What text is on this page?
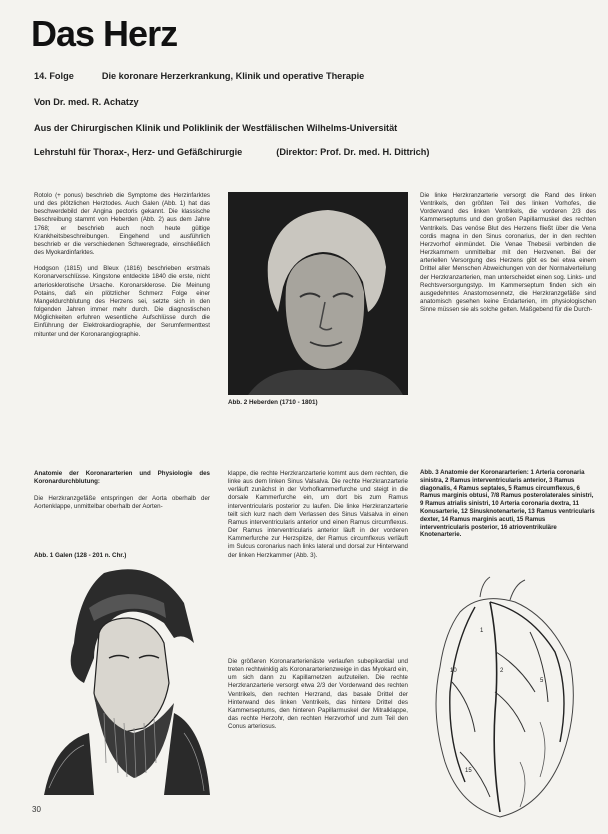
Das Herz
14. Folge	Die koronare Herzerkrankung, Klinik und operative Therapie
Von Dr. med. R. Achatzy
Aus der Chirurgischen Klinik und Poliklinik der Westfälischen Wilhelms-Universität
Lehrstuhl für Thorax-, Herz- und Gefäßchirurgie	(Direktor: Prof. Dr. med. H. Dittrich)

Rotolo (+ ponus) beschrieb die Symptome des Herzinfarktes und des plötzlichen Herztodes. Auch Galen (Abb. 1) hat das beschwerdebild der Angina pectoris gekannt. Die klassische Beschreibung stammt von Heberden (Abb. 2) aus dem Jahre 1768; er beschrieb auch noch heute gültige Krankheitsbeschreibungen. Eingehend und ausführlich beschrieb er die verschiedenen Schweregrade, einschließlich des Myokardinfarktes.

Hodgson (1815) und Bleux (1816) beschrieben erstmals Koronarverschlüsse. Kingstone entdeckte 1840 die erste, nicht arteriosklerotische Ursache. Koronarsklerose. Die Meinung Potains, daß ein plötzlicher Schmerz Folge einer Mangeldurchblutung des Herzens sei, setzte sich in den folgenden Jahren immer mehr durch. Die diagnostischen Möglichkeiten erfuhren wesentliche Aufschlüsse durch die Einführung der Elektrokardiographie, der Serumfermenttest mitunter und der Koronarangiographie.

Anatomie der Koronararterien und Physiologie des Koronardurchblutung:
Die Herzkranzgefäße entspringen der Aorta oberhalb der Aortenklappe, unmittelbar oberhalb der Aorten-
Abb. 1 Galen (128 - 201 n. Chr.)
Abb. 2 Heberden (1710 - 1801)
klappe, die rechte Herzkranzarterie kommt aus dem rechten, die linke aus dem linken Sinus Valsalva. Die rechte Herzkranzarterie verläuft zunächst in der Vorhofkammerfurche und steigt in die dorsale Kammerfurche ein, um dort bis zum Ramus interventricularis posterior zu laufen. Die linke Herzkranzarterie teilt sich kurz nach dem Verlassen des Sinus Valsalva in einen Ramus interventricularis anterior und einen Ramus circumflexus. Der Ramus interventricularis anterior läuft in der vorderen Kammerfurche zur Herzspitze, der Ramus circumflexus verläuft im Sulcus coronarius nach links lateral und dorsal zur Hinterwand der linken Herzkammer (Abb. 3).
Die größeren Koronararterienäste verlaufen subepikardial und treten rechtwinklig als Koronararterienzweige in das Myokard ein, um sich dann zu Kapillarnetzen aufzuteilen. Die rechte Herzkranzarterie versorgt etwa 2/3 der Vorderwand des rechten Ventrikels, den rechten Herzrand, das basale Drittel der Hinterwand des linken Ventrikels, das hintere Drittel des Kammerseptums, den hinteren Papillarmuskel der Mitralklappe, das rechte Herzohr, den rechten Herzvorhof und zum Teil den Conus arteriosus.
Die linke Herzkranzarterie versorgt die Rand des linken Ventrikels, den größten Teil des linken Vorhofes, die Vorderwand des linken Ventrikels, die vorderen 2/3 des Kammerseptums und den großen Papillarmuskel des rechten Ventrikels. Das venöse Blut des Herzens fließt über die Vena cordis magna in den Sinus coronarius, der in den rechten Herzvorhof einmündet. Die Venae Thebesii verbinden die Herzkammern unmittelbar mit den Herzvenen. Bei der arteriellen Versorgung des Herzens gibt es bei etwa einem Drittel aller Menschen Abweichungen von der Normalverteilung der Herzkranzarterien, man unterscheidet einen sog. Links- und Rechtsversorgungstyp. Im Kammerseptum finden sich ein ausgedehntes Anastomosennetz, die Herzkranzgefäße sind anatomisch gesehen keine Endarterien, im physiologischen Sinne müssen sie als solche gelten. Maßgebend für die Durch-
Abb. 3 Anatomie der Koronararterien: 1 Arteria coronaria sinistra, 2 Ramus interventricularis anterior, 3 Ramus diagonalis, 4 Ramus septales, 5 Ramus circumflexus, 6 Ramus marginis obtusi, 7/8 Ramus posterolaterales sinistri, 9 Ramus atrialis sinistri, 10 Arteria coronaria dextra, 11 Konusarterie, 12 Sinusknotenarterie, 13 Ramus ventricularis dexter, 14 Ramus marginis acuti, 15 Ramus interventricularis posterior, 16 atrioventrikuläre Knotenarterie.
1
2
5
10
15
30
